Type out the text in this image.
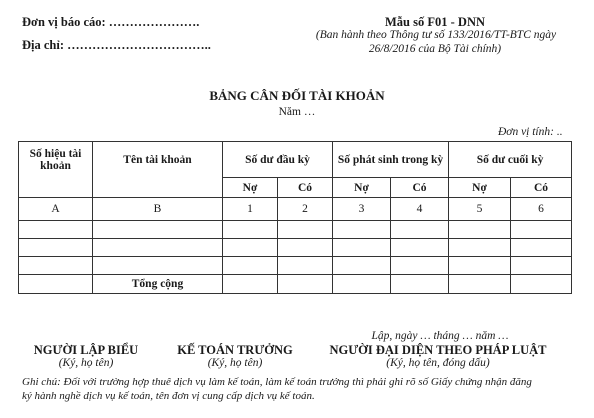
Đơn vị báo cáo: ………………….
Địa chỉ: ……………………………..
Mẫu số F01 - DNN
(Ban hành theo Thông tư số 133/2016/TT-BTC ngày
26/8/2016 của Bộ Tài chính)
BẢNG CÂN ĐỐI TÀI KHOẢN
Năm …
Đơn vị tính: ..
Số hiệu tài khoản	Tên tài khoản	Số dư đầu kỳ		Số phát sinh trong kỳ		Số dư cuối kỳ	
		Nợ	Có	Nợ	Có	Nợ	Có
A	B	1	2	3	4	5	6

	Tổng cộng						
Lập, ngày … tháng … năm …
NGƯỜI LẬP BIỂU
(Ký, họ tên)
KẾ TOÁN TRƯỞNG
(Ký, họ tên)
NGƯỜI ĐẠI DIỆN THEO PHÁP LUẬT
(Ký, họ tên, đóng dấu)
Ghi chú: Đối với trường hợp thuê dịch vụ làm kế toán, làm kế toán trưởng thì phải ghi rõ số Giấy chứng nhận đăng
ký hành nghề dịch vụ kế toán, tên đơn vị cung cấp dịch vụ kế toán.
